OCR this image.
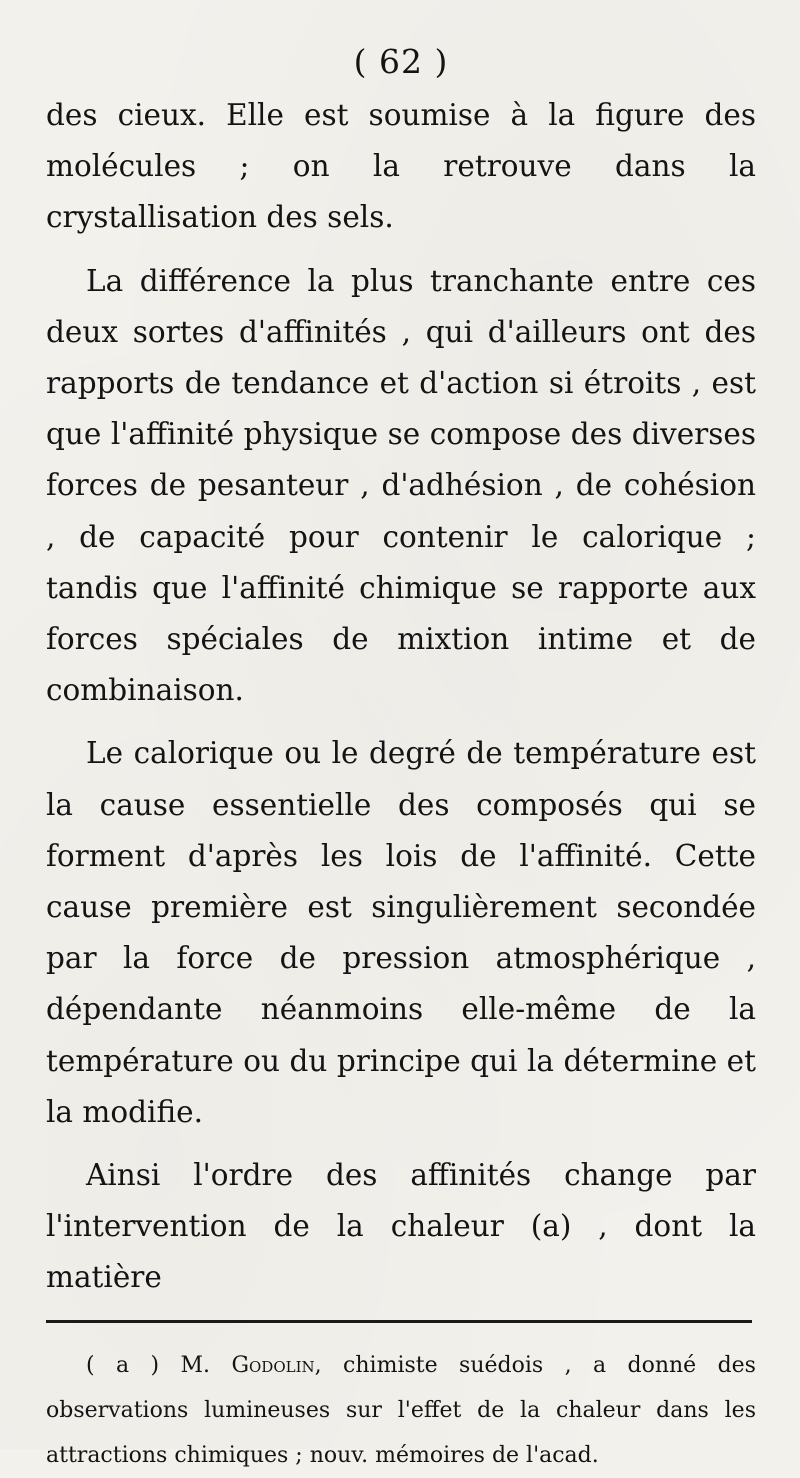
( 62 )

des cieux. Elle est soumise à la figure des molécules ; on la retrouve dans la crystallisation des sels.

La différence la plus tranchante entre ces deux sortes d'affinités , qui d'ailleurs ont des rapports de tendance et d'action si étroits , est que l'affinité physique se compose des diverses forces de pesanteur , d'adhésion , de cohésion , de capacité pour contenir le calorique ; tandis que l'affinité chimique se rapporte aux forces spéciales de mixtion intime et de combinaison.

Le calorique ou le degré de température est la cause essentielle des composés qui se forment d'après les lois de l'affinité. Cette cause première est singulièrement secondée par la force de pression atmosphérique , dépendante néanmoins elle-même de la température ou du principe qui la détermine et la modifie.

Ainsi l'ordre des affinités change par l'intervention de la chaleur (a) , dont la matière

( a ) M. Godolin, chimiste suédois , a donné des observations lumineuses sur l'effet de la chaleur dans les attractions chimiques ; nouv. mémoires de l'acad.
